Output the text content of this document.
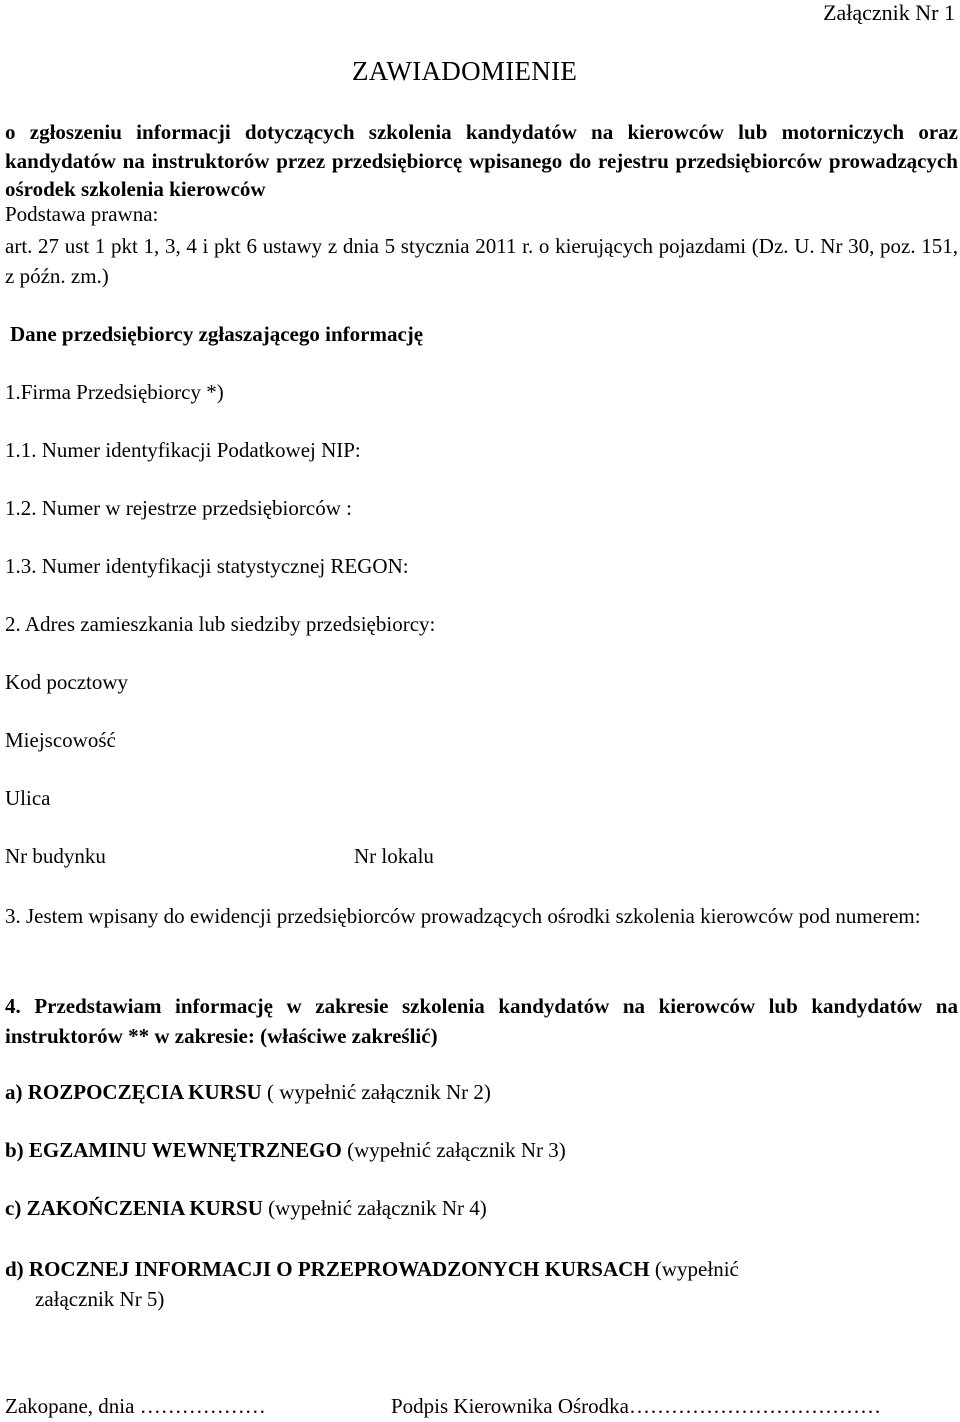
Załącznik Nr 1
ZAWIADOMIENIE
o zgłoszeniu informacji dotyczących szkolenia kandydatów na kierowców lub motorniczych oraz kandydatów na instruktorów przez przedsiębiorcę wpisanego do rejestru przedsiębiorców prowadzących ośrodek szkolenia kierowców
Podstawa prawna:
art. 27 ust 1 pkt 1, 3, 4 i pkt 6 ustawy z dnia 5 stycznia 2011 r. o kierujących pojazdami (Dz. U. Nr 30, poz. 151, z późn. zm.)
Dane przedsiębiorcy zgłaszającego informację
1.Firma Przedsiębiorcy *)
1.1. Numer identyfikacji Podatkowej NIP:
1.2. Numer w rejestrze przedsiębiorców :
1.3. Numer identyfikacji statystycznej REGON:
2. Adres zamieszkania lub siedziby przedsiębiorcy:
Kod pocztowy
Miejscowość
Ulica
Nr budynku	Nr lokalu
3. Jestem wpisany do ewidencji przedsiębiorców prowadzących ośrodki szkolenia kierowców pod numerem:
4. Przedstawiam informację w zakresie szkolenia kandydatów na kierowców lub kandydatów na instruktorów ** w zakresie: (właściwe zakreślić)
a) ROZPOCZĘCIA KURSU ( wypełnić załącznik Nr 2)
b) EGZAMINU WEWNĘTRZNEGO (wypełnić załącznik Nr 3)
c) ZAKOŃCZENIA KURSU (wypełnić załącznik Nr 4)
d) ROCZNEJ INFORMACJI O PRZEPROWADZONYCH KURSACH (wypełnić
załącznik Nr 5)
Zakopane, dnia ………………	Podpis Kierownika Ośrodka………………………………
